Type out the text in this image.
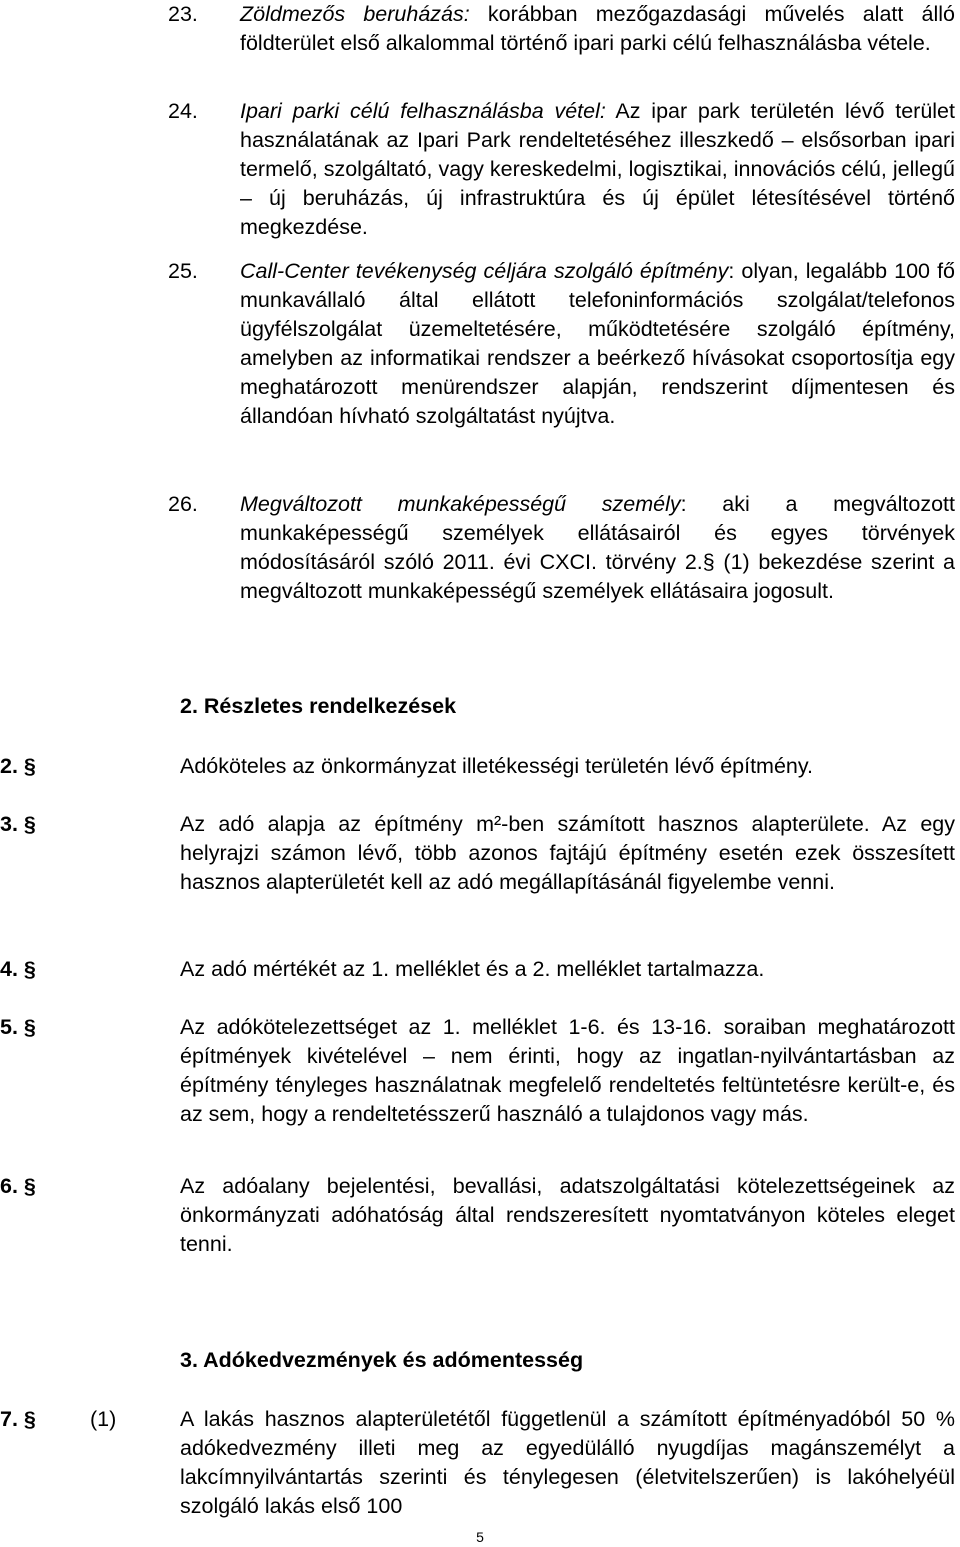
23. Zöldmezős beruházás: korábban mezőgazdasági művelés alatt álló földterület első alkalommal történő ipari parki célú felhasználásba vétele.
24. Ipari parki célú felhasználásba vétel: Az ipar park területén lévő terület használatának az Ipari Park rendeltetéséhez illeszkedő – elsősorban ipari termelő, szolgáltató, vagy kereskedelmi, logisztikai, innovációs célú, jellegű – új beruházás, új infrastruktúra és új épület létesítésével történő megkezdése.
25. Call-Center tevékenység céljára szolgáló építmény: olyan, legalább 100 fő munkavállaló által ellátott telefoninformációs szolgálat/telefonos ügyfélszolgálat üzemeltetésére, működtetésére szolgáló építmény, amelyben az informatikai rendszer a beérkező hívásokat csoportosítja egy meghatározott menürendszer alapján, rendszerint díjmentesen és állandóan hívható szolgáltatást nyújtva.
26. Megváltozott munkaképességű személy: aki a megváltozott munkaképességű személyek ellátásairól és egyes törvények módosításáról szóló 2011. évi CXCI. törvény 2.§ (1) bekezdése szerint a megváltozott munkaképességű személyek ellátásaira jogosult.
2. Részletes rendelkezések
2. §	Adóköteles az önkormányzat illetékességi területén lévő építmény.
3. §	Az adó alapja az építmény m²-ben számított hasznos alapterülete. Az egy helyrajzi számon lévő, több azonos fajtájú építmény esetén ezek összesített hasznos alapterületét kell az adó megállapításánál figyelembe venni.
4. §	Az adó mértékét az 1. melléklet és a 2. melléklet tartalmazza.
5. §	Az adókötelezettséget az 1. melléklet 1-6. és 13-16. soraiban meghatározott építmények kivételével – nem érinti, hogy az ingatlan-nyilvántartásban az építmény tényleges használatnak megfelelő rendeltetés feltüntetésre került-e, és az sem, hogy a rendeltetésszerű használó a tulajdonos vagy más.
6. §	Az adóalany bejelentési, bevallási, adatszolgáltatási kötelezettségeinek az önkormányzati adóhatóság által rendszeresített nyomtatványon köteles eleget tenni.
3. Adókedvezmények és adómentesség
7. §	(1)	A lakás hasznos alapterületétől függetlenül a számított építményadóból 50 % adókedvezmény illeti meg az egyedülálló nyugdíjas magánszemélyt a lakcímnyilvántartás szerinti és ténylegesen (életvitelszerűen) is lakóhelyéül szolgáló lakás első 100
5
